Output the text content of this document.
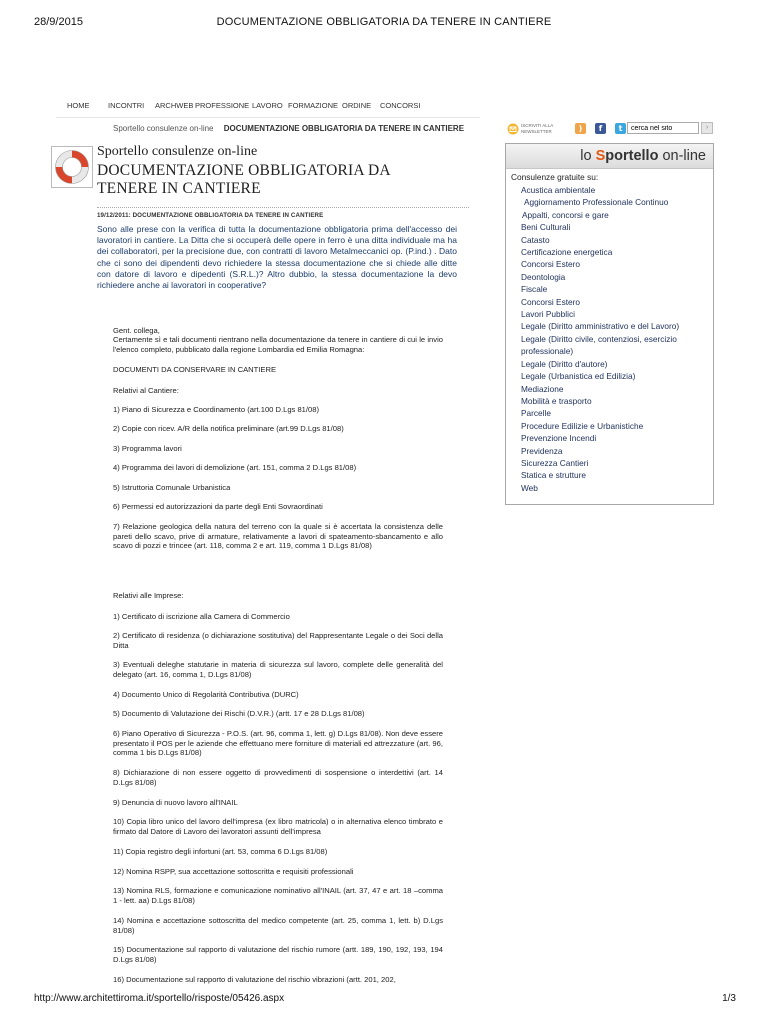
28/9/2015	DOCUMENTAZIONE OBBLIGATORIA DA TENERE IN CANTIERE
HOME INCONTRI ARCHWEB PROFESSIONE LAVORO FORMAZIONE ORDINE CONCORSI
Sportello consulenze on-line DOCUMENTAZIONE OBBLIGATORIA DA TENERE IN CANTIERE
Sportello consulenze on-line
DOCUMENTAZIONE OBBLIGATORIA DA TENERE IN CANTIERE
19/12/2011: DOCUMENTAZIONE OBBLIGATORIA DA TENERE IN CANTIERE
Sono alle prese con la verifica di tutta la documentazione obbligatoria prima dell'accesso dei lavoratori in cantiere. La Ditta che si occuperà delle opere in ferro è una ditta individuale ma ha dei collaboratori, per la precisione due, con contratti di lavoro Metalmeccanici op. (P.ind.) . Dato che ci sono dei dipendenti devo richiedere la stessa documentazione che si chiede alle ditte con datore di lavoro e dipedenti (S.R.L.)? Altro dubbio, la stessa documentazione la devo richiedere anche ai lavoratori in cooperative?
Gent. collega,
Certamente sì e tali documenti rientrano nella documentazione da tenere in cantiere di cui le invio l'elenco completo, pubblicato dalla regione Lombardia ed Emilia Romagna:
DOCUMENTI DA CONSERVARE IN CANTIERE
Relativi al Cantiere:
1) Piano di Sicurezza e Coordinamento (art.100 D.Lgs 81/08)
2) Copie con ricev. A/R della notifica preliminare (art.99 D.Lgs 81/08)
3) Programma lavori
4) Programma dei lavori di demolizione (art. 151, comma 2 D.Lgs 81/08)
5) Istruttoria Comunale Urbanistica
6) Permessi ed autorizzazioni da parte degli Enti Sovraordinati
7) Relazione geologica della natura del terreno con la quale si è accertata la consistenza delle pareti dello scavo, prive di armature, relativamente a lavori di spateamento-sbancamento e allo scavo di pozzi e trincee (art. 118, comma 2 e art. 119, comma 1 D.Lgs 81/08)
Relativi alle Imprese:
1) Certificato di iscrizione alla Camera di Commercio
2) Certificato di residenza (o dichiarazione sostitutiva) del Rappresentante Legale o dei Soci della Ditta
3) Eventuali deleghe statutarie in materia di sicurezza sul lavoro, complete delle generalità del delegato (art. 16, comma 1, D.Lgs 81/08)
4) Documento Unico di Regolarità Contributiva (DURC)
5) Documento di Valutazione dei Rischi (D.V.R.) (artt. 17 e 28 D.Lgs 81/08)
6) Piano Operativo di Sicurezza - P.O.S. (art. 96, comma 1, lett. g) D.Lgs 81/08). Non deve essere presentato il POS per le aziende che effettuano mere forniture di materiali ed attrezzature (art. 96, comma 1 bis D.Lgs 81/08)
8) Dichiarazione di non essere oggetto di provvedimenti di sospensione o interdettivi (art. 14 D.Lgs 81/08)
9) Denuncia di nuovo lavoro all'INAIL
10) Copia libro unico del lavoro dell'impresa (ex libro matricola) o in alternativa elenco timbrato e firmato dal Datore di Lavoro dei lavoratori assunti dell'impresa
11) Copia registro degli infortuni (art. 53, comma 6 D.Lgs 81/08)
12) Nomina RSPP, sua accettazione sottoscritta e requisiti professionali
13) Nomina RLS, formazione e comunicazione nominativo all'INAIL (art. 37, 47 e art. 18 –comma 1 - lett. aa) D.Lgs 81/08)
14) Nomina e accettazione sottoscritta del medico competente (art. 25, comma 1, lett. b) D.Lgs 81/08)
15) Documentazione sul rapporto di valutazione del rischio rumore (artt. 189, 190, 192, 193, 194 D.Lgs 81/08)
16) Documentazione sul rapporto di valutazione del rischio vibrazioni (artt. 201, 202,
ISCRIVITI ALLA NEWSLETTER	)	f	t
cerca nel sito	›
lo Sportello on-line
Consulenze gratuite su:
Acustica ambientale
Aggiornamento Professionale Continuo
Appalti, concorsi e gare
Beni Culturali
Catasto
Certificazione energetica
Concorsi Estero
Deontologia
Fiscale
Concorsi Estero
Lavori Pubblici
Legale (Diritto amministrativo e del Lavoro)
Legale (Diritto civile, contenziosi, esercizio
professionale)
Legale (Diritto d'autore)
Legale (Urbanistica ed Edilizia)
Mediazione
Mobilità e trasporto
Parcelle
Procedure Edilizie e Urbanistiche
Prevenzione Incendi
Previdenza
Sicurezza Cantieri
Statica e strutture
Web
http://www.architettiroma.it/sportello/risposte/05426.aspx	1/3
